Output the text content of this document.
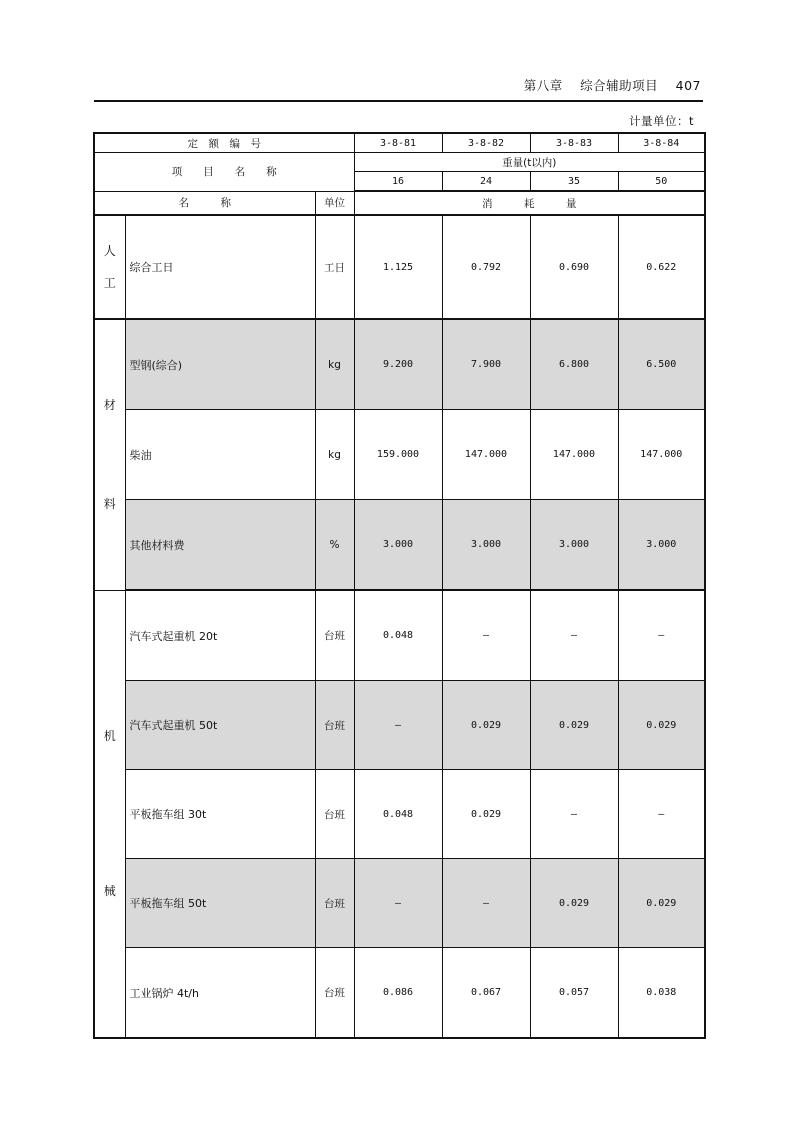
第八章　 综合辅助项目　 407
计量单位：t
定　额　编　号			3-8-81	3-8-82	3-8-83	3-8-84
项　　目　　名　　称			重量(t以内)			
			16	24	35	50
名　　　称		单位	消　　　耗　　　量			

人
工	综合工日	工日	1.125	0.792	0.690	0.622

材
料	型钢(综合)	kg	9.200	7.900	6.800	6.500
	柴油	kg	159.000	147.000	147.000	147.000
	其他材料费	%	3.000	3.000	3.000	3.000

机
械	汽车式起重机 20t	台班	0.048	—	—	—
	汽车式起重机 50t	台班	—	0.029	0.029	0.029
	平板拖车组 30t	台班	0.048	0.029	—	—
	平板拖车组 50t	台班	—	—	0.029	0.029
	工业锅炉 4t/h	台班	0.086	0.067	0.057	0.038
